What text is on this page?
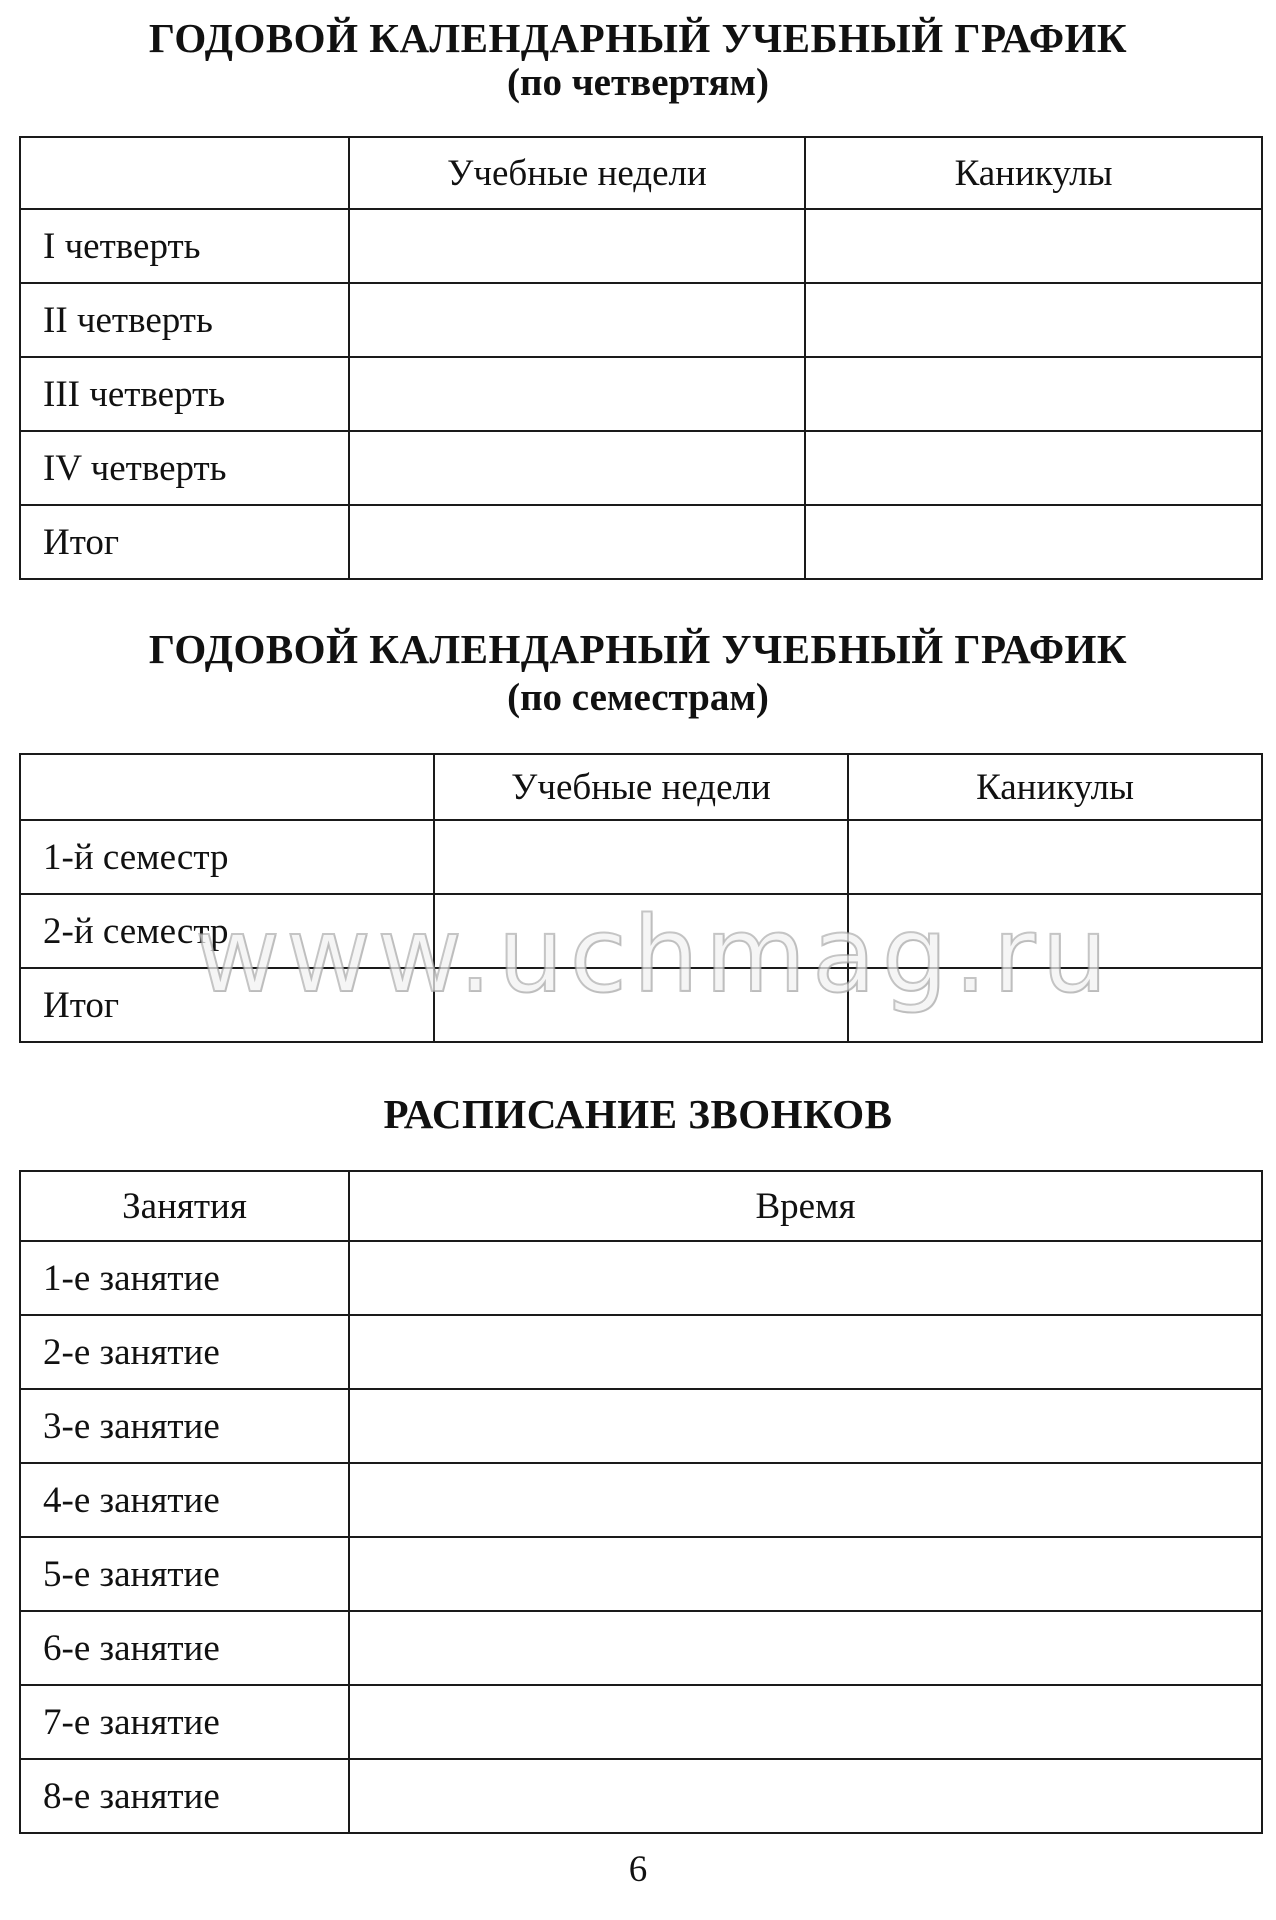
ГОДОВОЙ КАЛЕНДАРНЫЙ УЧЕБНЫЙ ГРАФИК
(по четвертям)
	Учебные недели	Каникулы
I четверть		
II четверть		
III четверть		
IV четверть		
Итог		
ГОДОВОЙ КАЛЕНДАРНЫЙ УЧЕБНЫЙ ГРАФИК
(по семестрам)
	Учебные недели	Каникулы
1-й семестр		
2-й семестр		
Итог		www.uchmag.ru
РАСПИСАНИЕ ЗВОНКОВ
Занятия	Время
1-е занятие	
2-е занятие	
3-е занятие	
4-е занятие	
5-е занятие	
6-е занятие	
7-е занятие	
8-е занятие	
6
